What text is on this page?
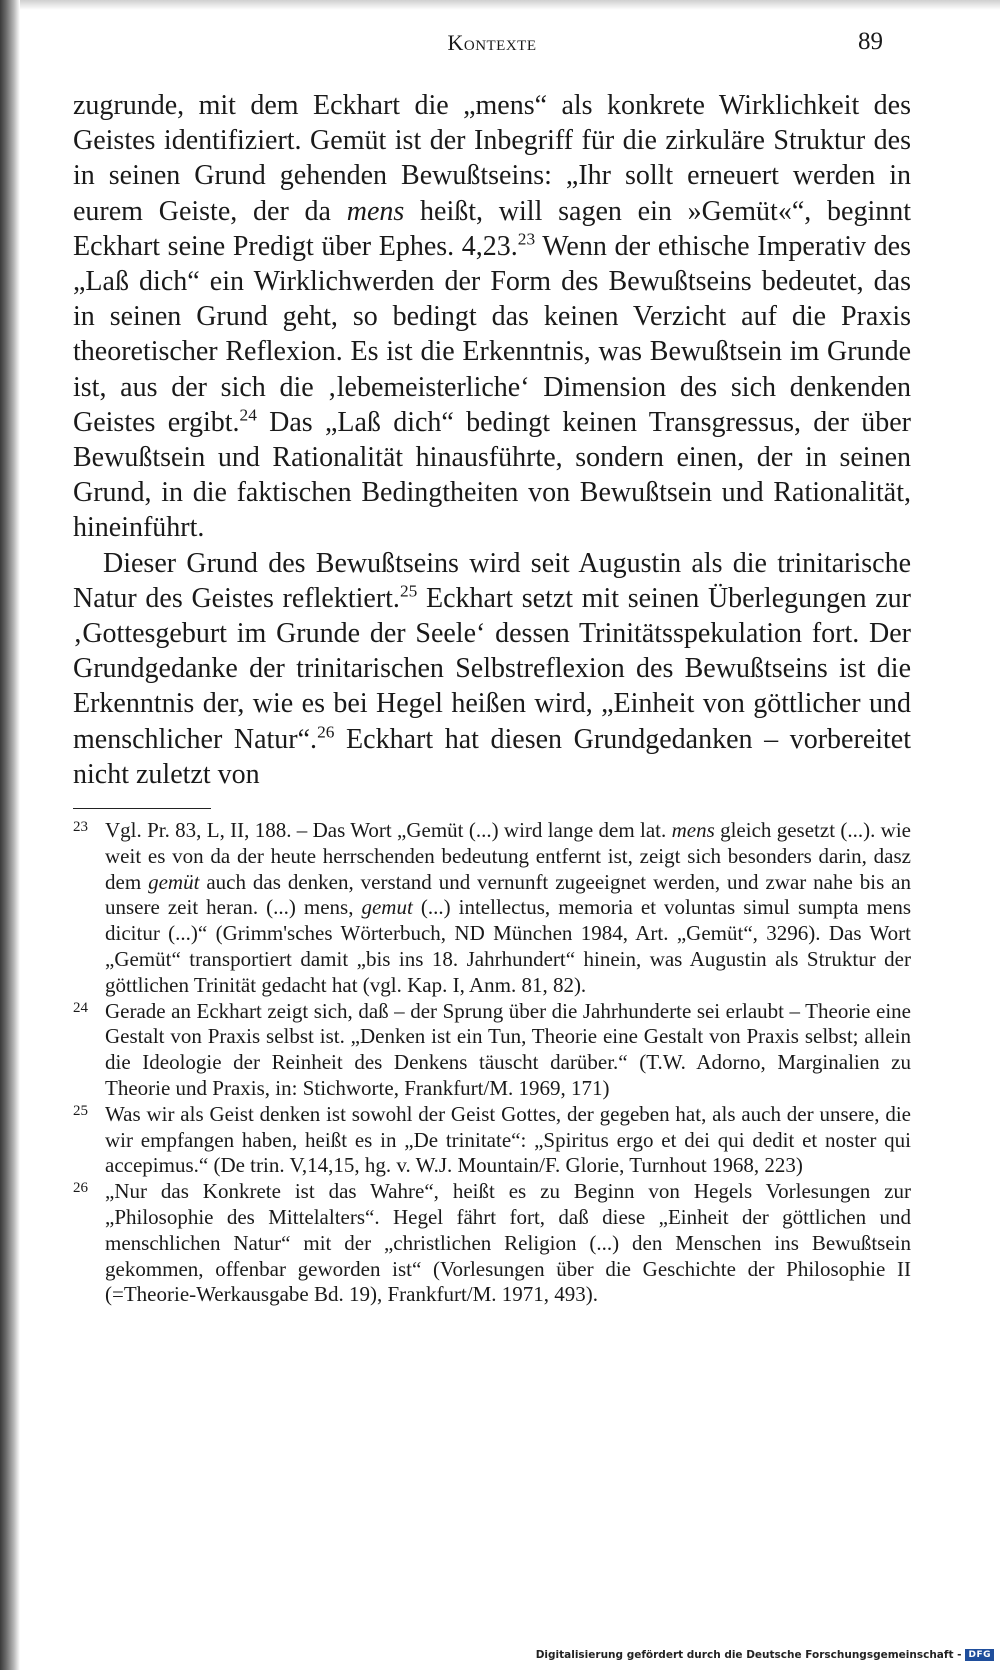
Kontexte	89

zugrunde, mit dem Eckhart die „mens“ als konkrete Wirklichkeit des Geistes identifiziert. Gemüt ist der Inbegriff für die zirkuläre Struktur des in seinen Grund gehenden Bewußtseins: „Ihr sollt erneuert werden in eurem Geiste, der da mens heißt, will sagen ein »Gemüt«“, beginnt Eckhart seine Predigt über Ephes. 4,23.23 Wenn der ethische Imperativ des „Laß dich“ ein Wirklichwerden der Form des Bewußtseins bedeutet, das in seinen Grund geht, so bedingt das keinen Verzicht auf die Praxis theoretischer Reflexion. Es ist die Erkenntnis, was Bewußtsein im Grunde ist, aus der sich die ‚lebemeisterliche‘ Dimension des sich denkenden Geistes ergibt.$^{24}$ Das „Laß dich“ bedingt keinen Transgressus, der über Bewußtsein und Rationalität hinausführte, sondern einen, der in seinen Grund, in die faktischen Bedingtheiten von Bewußtsein und Rationalität, hineinführt.

Dieser Grund des Bewußtseins wird seit Augustin als die trinitarische Natur des Geistes reflektiert.$^{25}$ Eckhart setzt mit seinen Überlegungen zur ‚Gottesgeburt im Grunde der Seele‘ dessen Trinitätsspekulation fort. Der Grundgedanke der trinitarischen Selbstreflexion des Bewußtseins ist die Erkenntnis der, wie es bei Hegel heißen wird, „Einheit von göttlicher und menschlicher Natur“.$^{26}$ Eckhart hat diesen Grundgedanken – vorbereitet nicht zuletzt von

23 Vgl. Pr. 83, L, II, 188. – Das Wort „Gemüt (...) wird lange dem lat. mens gleich gesetzt (...). wie weit es von da der heute herrschenden bedeutung entfernt ist, zeigt sich besonders darin, dasz dem gemüt auch das denken, verstand und vernunft zugeeignet werden, und zwar nahe bis an unsere zeit heran. (...) mens, gemut (...) intellectus, memoria et voluntas simul sumpta mens dicitur (...)“ (Grimm'sches Wörterbuch, ND München 1984, Art. „Gemüt“, 3296). Das Wort „Gemüt“ transportiert damit „bis ins 18. Jahrhundert“ hinein, was Augustin als Struktur der göttlichen Trinität gedacht hat (vgl. Kap. I, Anm. 81, 82).

24 Gerade an Eckhart zeigt sich, daß – der Sprung über die Jahrhunderte sei erlaubt – Theorie eine Gestalt von Praxis selbst ist. „Denken ist ein Tun, Theorie eine Gestalt von Praxis selbst; allein die Ideologie der Reinheit des Denkens täuscht darüber.“ (T.W. Adorno, Marginalien zu Theorie und Praxis, in: Stichworte, Frankfurt/M. 1969, 171)

25 Was wir als Geist denken ist sowohl der Geist Gottes, der gegeben hat, als auch der unsere, die wir empfangen haben, heißt es in „De trinitate“: „Spiritus ergo et dei qui dedit et noster qui accepimus.“ (De trin. V,14,15, hg. v. W.J. Mountain/F. Glorie, Turnhout 1968, 223)

26 „Nur das Konkrete ist das Wahre“, heißt es zu Beginn von Hegels Vorlesungen zur „Philosophie des Mittelalters“. Hegel fährt fort, daß diese „Einheit der göttlichen und menschlichen Natur“ mit der „christlichen Religion (...) den Menschen ins Bewußtsein gekommen, offenbar geworden ist“ (Vorlesungen über die Geschichte der Philosophie II (=Theorie-Werkausgabe Bd. 19), Frankfurt/M. 1971, 493).

Digitalisierung gefördert durch die Deutsche Forschungsgemeinschaft - DFG
